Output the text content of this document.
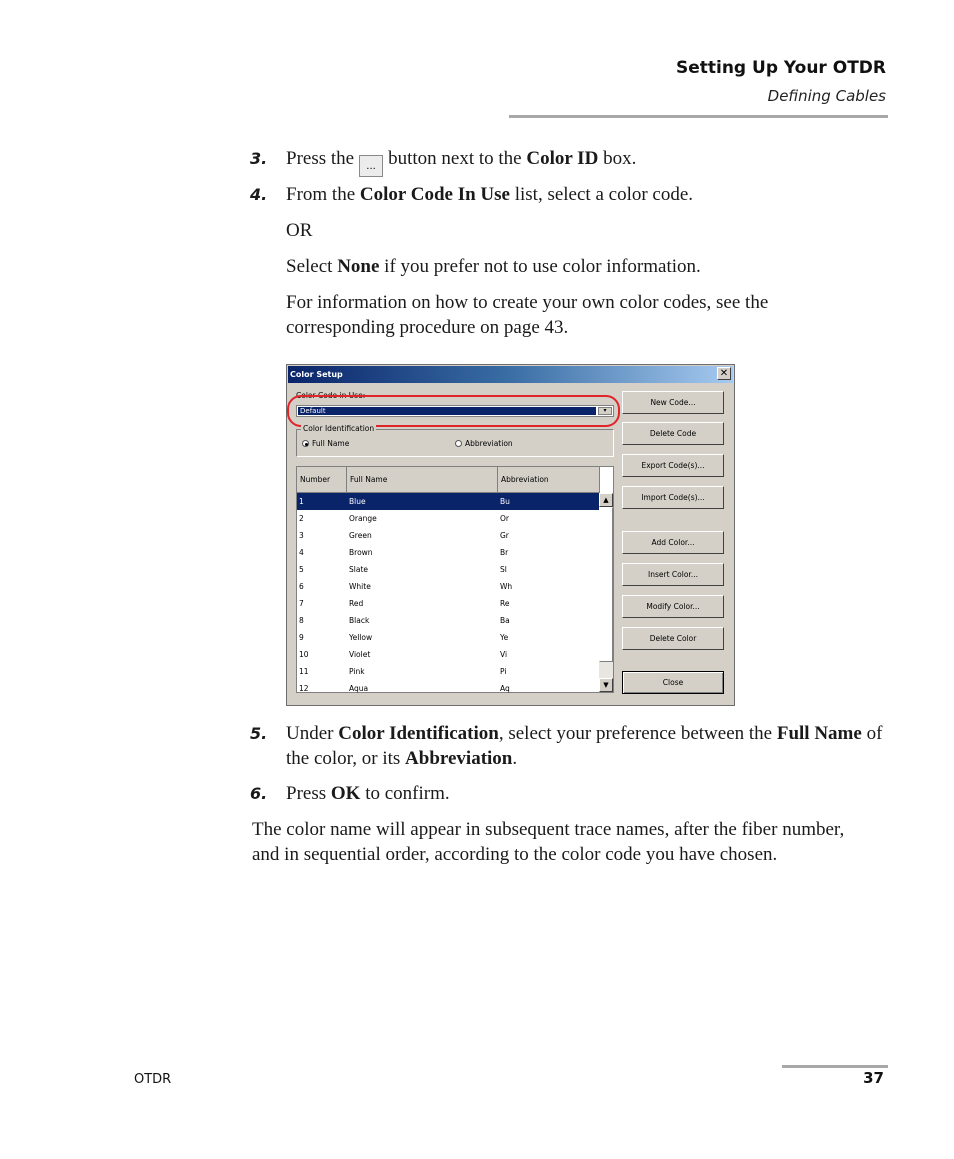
Setting Up Your OTDR
Defining Cables
3. Press the ... button next to the Color ID box.
4. From the Color Code In Use list, select a color code.
OR
Select None if you prefer not to use color information.
For information on how to create your own color codes, see the corresponding procedure on page 43.
Color Setup	✕
Color Code in Use:
Default	▾
Color Identification
Full Name	Abbreviation
Number	Full Name	Abbreviation
1	Blue	Bu
2	Orange	Or
3	Green	Gr
4	Brown	Br
5	Slate	Sl
6	White	Wh
7	Red	Re
8	Black	Ba
9	Yellow	Ye
10	Violet	Vi
11	Pink	Pi
12	Aqua	Aq
▲
▼
New Code...
Delete Code
Export Code(s)...
Import Code(s)...
Add Color...
Insert Color...
Modify Color...
Delete Color
Close
5. Under Color Identification, select your preference between the Full Name of the color, or its Abbreviation.
6. Press OK to confirm.
The color name will appear in subsequent trace names, after the fiber number, and in sequential order, according to the color code you have chosen.
OTDR	37
